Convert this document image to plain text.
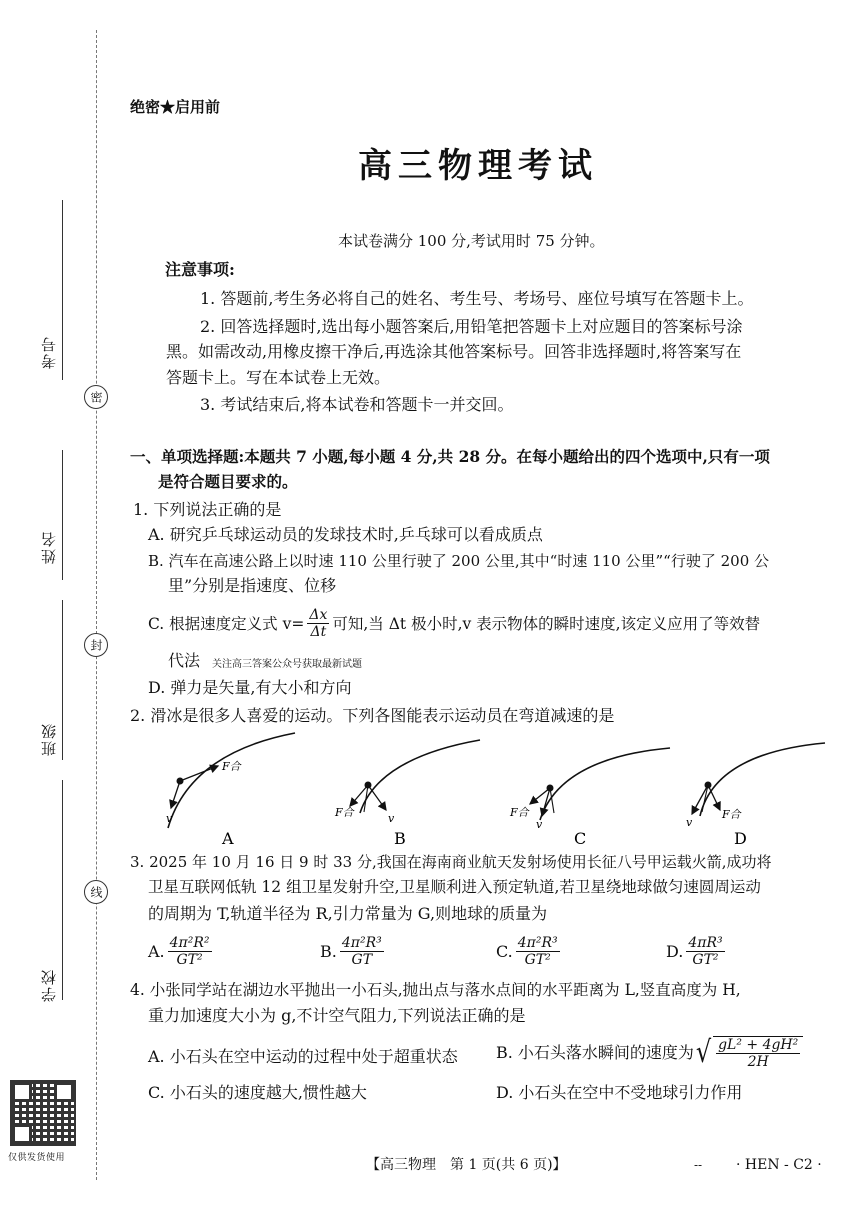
考号
姓名
班级
学校
密
封
线
仅供发货使用
绝密★启用前
高三物理考试
本试卷满分 100 分,考试用时 75 分钟。
注意事项:
1. 答题前,考生务必将自己的姓名、考生号、考场号、座位号填写在答题卡上。
2. 回答选择题时,选出每小题答案后,用铅笔把答题卡上对应题目的答案标号涂
黑。如需改动,用橡皮擦干净后,再选涂其他答案标号。回答非选择题时,将答案写在
答题卡上。写在本试卷上无效。
3. 考试结束后,将本试卷和答题卡一并交回。
一、单项选择题:本题共 7 小题,每小题 4 分,共 28 分。在每小题给出的四个选项中,只有一项
是符合题目要求的。
1. 下列说法正确的是
A. 研究乒乓球运动员的发球技术时,乒乓球可以看成质点
B. 汽车在高速公路上以时速 110 公里行驶了 200 公里,其中“时速 110 公里”“行驶了 200 公
里”分别是指速度、位移
C. 根据速度定义式 $v= \frac{\Delta x}{\Delta t}$ 可知,当 Δt 极小时,v 表示物体的瞬时速度,该定义应用了等效替
代法 关注高三答案公众号获取最新试题
D. 弹力是矢量,有大小和方向
2. 滑冰是很多人喜爱的运动。下列各图能表示运动员在弯道减速的是
F合
v	F合	v	F合
v	v
F合
A	B	C	D
3. 2025 年 10 月 16 日 9 时 33 分,我国在海南商业航天发射场使用长征八号甲运载火箭,成功将
卫星互联网低轨 12 组卫星发射升空,卫星顺利进入预定轨道,若卫星绕地球做匀速圆周运动
的周期为 T,轨道半径为 R,引力常量为 G,则地球的质量为
A. $\frac{\text{4π²R²}}{\text{GT²}}$	B. $\frac{\text{4π²R³}}{GT}$	C. $\frac{\text{4π²R³}}{\text{GT²}}$	D. $\frac{\text{4πR³}}{\text{GT²}}$
4. 小张同学站在湖边水平抛出一小石头,抛出点与落水点间的水平距离为 L,竖直高度为 H,
重力加速度大小为 g,不计空气阻力,下列说法正确的是
A. 小石头在空中运动的过程中处于超重状态 B. 小石头落水瞬间的速度为 √ $\frac{\text{gL² + 4gH²}}{2H}$
C. 小石头的速度越大,惯性越大	D. 小石头在空中不受地球引力作用
【高三物理　第 1 页(共 6 页)】	-- · HEN - C2 ·
